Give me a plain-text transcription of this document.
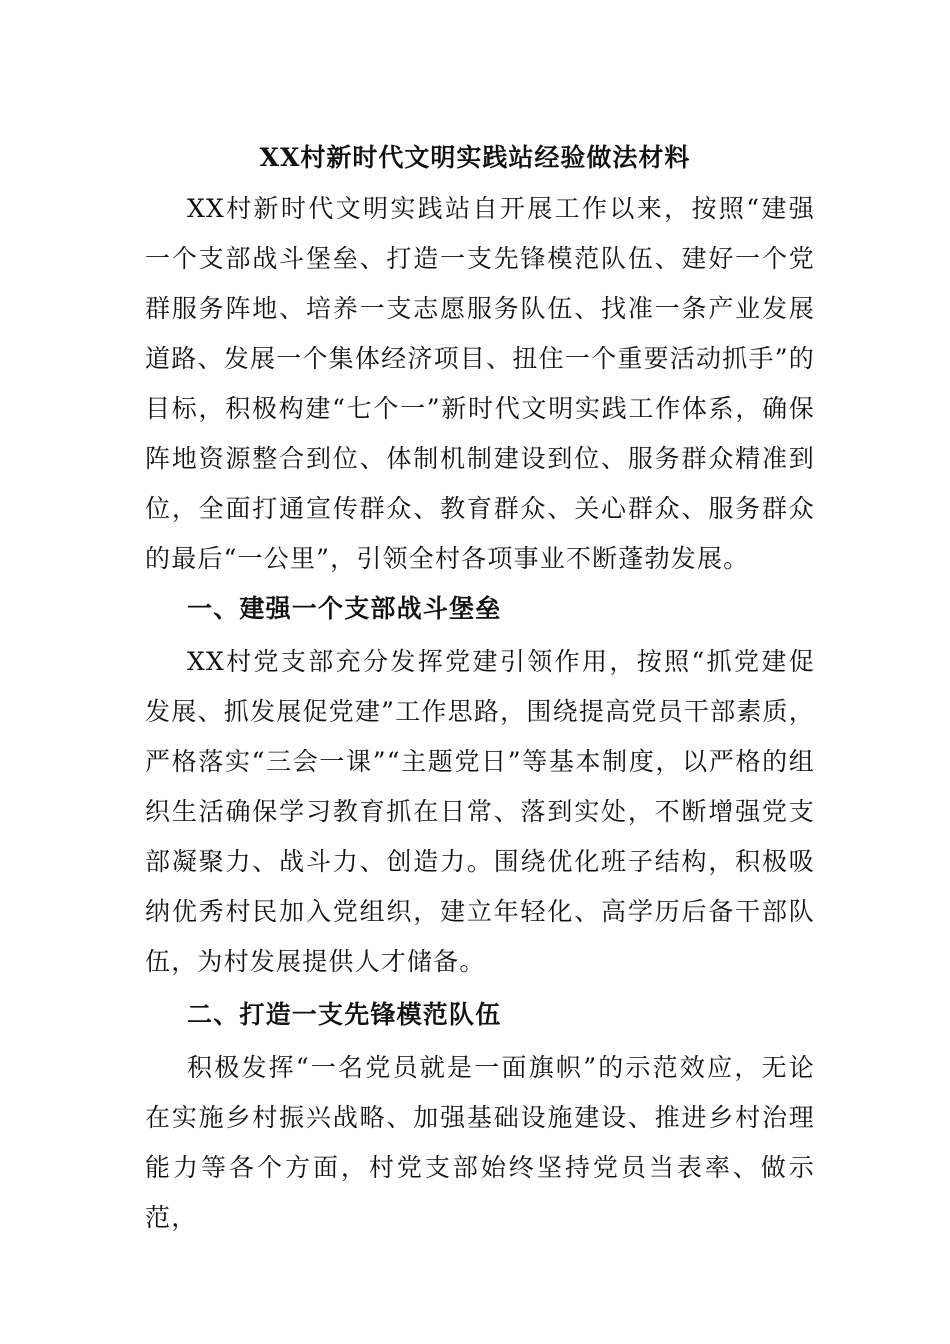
XX村新时代文明实践站经验做法材料

XX村新时代文明实践站自开展工作以来，按照“建强一个支部战斗堡垒、打造一支先锋模范队伍、建好一个党群服务阵地、培养一支志愿服务队伍、找准一条产业发展道路、发展一个集体经济项目、扭住一个重要活动抓手”的目标，积极构建“七个一”新时代文明实践工作体系，确保阵地资源整合到位、体制机制建设到位、服务群众精准到位，全面打通宣传群众、教育群众、关心群众、服务群众的最后“一公里”，引领全村各项事业不断蓬勃发展。

一、建强一个支部战斗堡垒

XX村党支部充分发挥党建引领作用，按照“抓党建促发展、抓发展促党建”工作思路，围绕提高党员干部素质，严格落实“三会一课”“主题党日”等基本制度，以严格的组织生活确保学习教育抓在日常、落到实处，不断增强党支部凝聚力、战斗力、创造力。围绕优化班子结构，积极吸纳优秀村民加入党组织，建立年轻化、高学历后备干部队伍，为村发展提供人才储备。

二、打造一支先锋模范队伍

积极发挥“一名党员就是一面旗帜”的示范效应，无论在实施乡村振兴战略、加强基础设施建设、推进乡村治理能力等各个方面，村党支部始终坚持党员当表率、做示范，
